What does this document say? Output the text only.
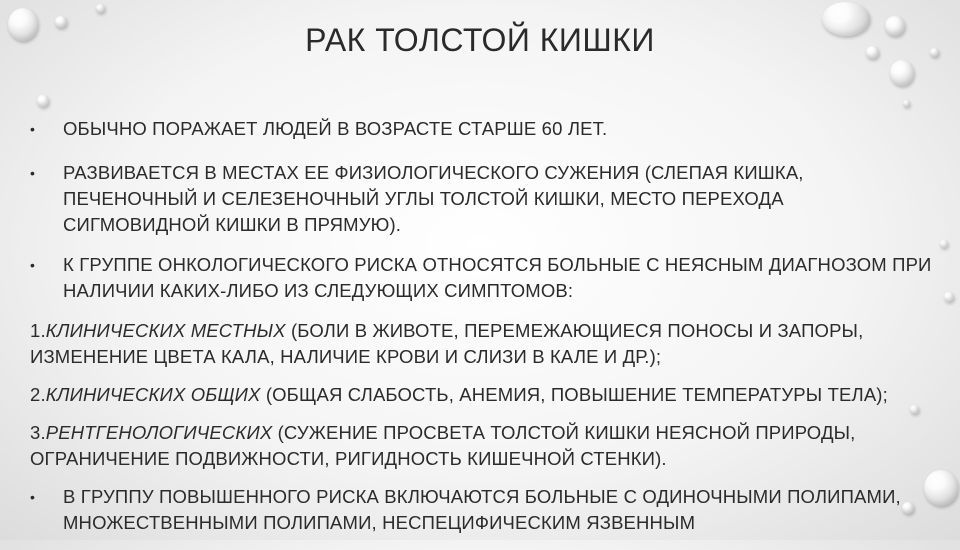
РАК ТОЛСТОЙ КИШКИ
• ОБЫЧНО ПОРАЖАЕТ ЛЮДЕЙ В ВОЗРАСТЕ СТАРШЕ 60 ЛЕТ.
• РАЗВИВАЕТСЯ В МЕСТАХ ЕЕ ФИЗИОЛОГИЧЕСКОГО СУЖЕНИЯ (СЛЕПАЯ КИШКА, ПЕЧЕНОЧНЫЙ И СЕЛЕЗЕНОЧНЫЙ УГЛЫ ТОЛСТОЙ КИШКИ, МЕСТО ПЕРЕХОДА СИГМОВИДНОЙ КИШКИ В ПРЯМУЮ).
• К ГРУППЕ ОНКОЛОГИЧЕСКОГО РИСКА ОТНОСЯТСЯ БОЛЬНЫЕ С НЕЯСНЫМ ДИАГНОЗОМ ПРИ НАЛИЧИИ КАКИХ-ЛИБО ИЗ СЛЕДУЮЩИХ СИМПТОМОВ:
1.КЛИНИЧЕСКИХ МЕСТНЫХ (БОЛИ В ЖИВОТЕ, ПЕРЕМЕЖАЮЩИЕСЯ ПОНОСЫ И ЗАПОРЫ, ИЗМЕНЕНИЕ ЦВЕТА КАЛА, НАЛИЧИЕ КРОВИ И СЛИЗИ В КАЛЕ И ДР.);
2.КЛИНИЧЕСКИХ ОБЩИХ (ОБЩАЯ СЛАБОСТЬ, АНЕМИЯ, ПОВЫШЕНИЕ ТЕМПЕРАТУРЫ ТЕЛА);
3.РЕНТГЕНОЛОГИЧЕСКИХ (СУЖЕНИЕ ПРОСВЕТА ТОЛСТОЙ КИШКИ НЕЯСНОЙ ПРИРОДЫ, ОГРАНИЧЕНИЕ ПОДВИЖНОСТИ, РИГИДНОСТЬ КИШЕЧНОЙ СТЕНКИ).
• В ГРУППУ ПОВЫШЕННОГО РИСКА ВКЛЮЧАЮТСЯ БОЛЬНЫЕ С ОДИНОЧНЫМИ ПОЛИПАМИ, МНОЖЕСТВЕННЫМИ ПОЛИПАМИ, НЕСПЕЦИФИЧЕСКИМ ЯЗВЕННЫМ
